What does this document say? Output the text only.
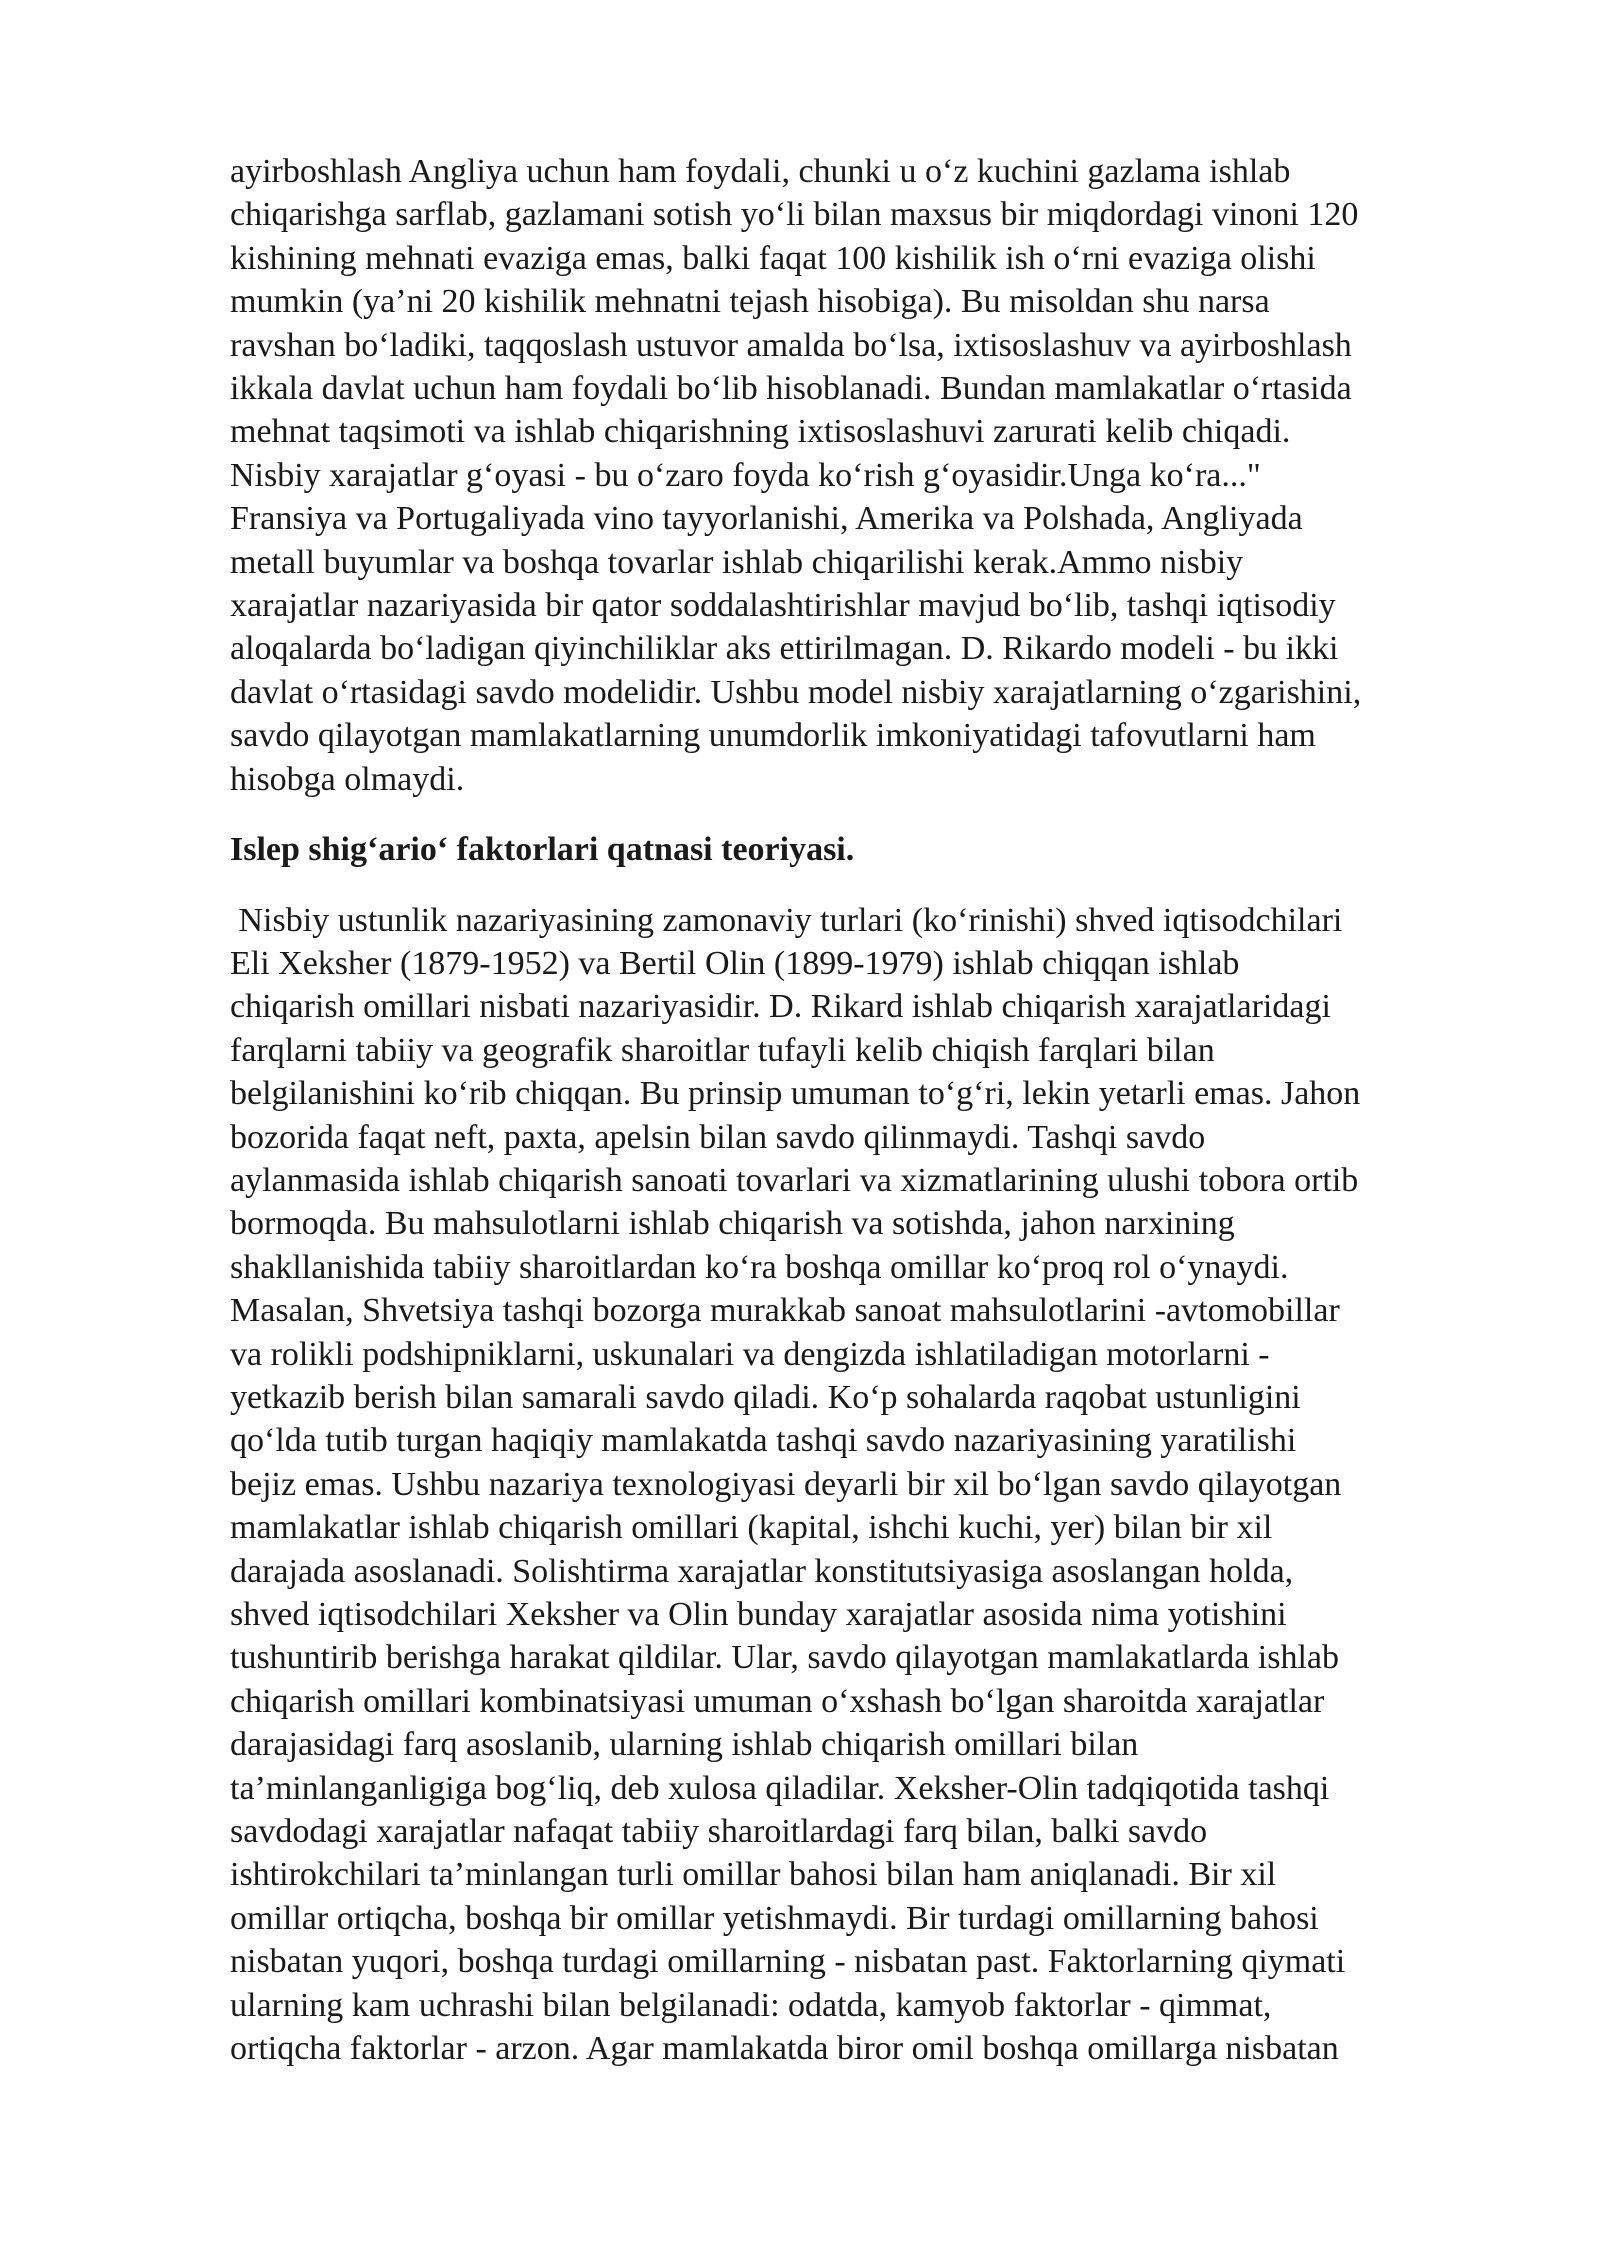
ayirboshlash Angliya uchun ham foydali, chunki u o‘z kuchini gazlama ishlab
chiqarishga sarflab, gazlamani sotish yo‘li bilan maxsus bir miqdordagi vinoni 120
kishining mehnati evaziga emas, balki faqat 100 kishilik ish o‘rni evaziga olishi
mumkin (ya’ni 20 kishilik mehnatni tejash hisobiga). Bu misoldan shu narsa
ravshan bo‘ladiki, taqqoslash ustuvor amalda bo‘lsa, ixtisoslashuv va ayirboshlash
ikkala davlat uchun ham foydali bo‘lib hisoblanadi. Bundan mamlakatlar o‘rtasida
mehnat taqsimoti va ishlab chiqarishning ixtisoslashuvi zarurati kelib chiqadi.
Nisbiy xarajatlar g‘oyasi - bu o‘zaro foyda ko‘rish g‘oyasidir.Unga ko‘ra..."
Fransiya va Portugaliyada vino tayyorlanishi, Amerika va Polshada, Angliyada
metall buyumlar va boshqa tovarlar ishlab chiqarilishi kerak.Ammo nisbiy
xarajatlar nazariyasida bir qator soddalashtirishlar mavjud bo‘lib, tashqi iqtisodiy
aloqalarda bo‘ladigan qiyinchiliklar aks ettirilmagan. D. Rikardo modeli - bu ikki
davlat o‘rtasidagi savdo modelidir. Ushbu model nisbiy xarajatlarning o‘zgarishini,
savdo qilayotgan mamlakatlarning unumdorlik imkoniyatidagi tafovutlarni ham
hisobga olmaydi.

Islep shig‘ario‘ faktorlari qatnasi teoriyasi.

Nisbiy ustunlik nazariyasining zamonaviy turlari (ko‘rinishi) shved iqtisodchilari
Eli Xeksher (1879-1952) va Bertil Olin (1899-1979) ishlab chiqqan ishlab
chiqarish omillari nisbati nazariyasidir. D. Rikard ishlab chiqarish xarajatlaridagi
farqlarni tabiiy va geografik sharoitlar tufayli kelib chiqish farqlari bilan
belgilanishini ko‘rib chiqqan. Bu prinsip umuman to‘g‘ri, lekin yetarli emas. Jahon
bozorida faqat neft, paxta, apelsin bilan savdo qilinmaydi. Tashqi savdo
aylanmasida ishlab chiqarish sanoati tovarlari va xizmatlarining ulushi tobora ortib
bormoqda. Bu mahsulotlarni ishlab chiqarish va sotishda, jahon narxining
shakllanishida tabiiy sharoitlardan ko‘ra boshqa omillar ko‘proq rol o‘ynaydi.
Masalan, Shvetsiya tashqi bozorga murakkab sanoat mahsulotlarini -avtomobillar
va rolikli podshipniklarni, uskunalari va dengizda ishlatiladigan motorlarni -
yetkazib berish bilan samarali savdo qiladi. Ko‘p sohalarda raqobat ustunligini
qo‘lda tutib turgan haqiqiy mamlakatda tashqi savdo nazariyasining yaratilishi
bejiz emas. Ushbu nazariya texnologiyasi deyarli bir xil bo‘lgan savdo qilayotgan
mamlakatlar ishlab chiqarish omillari (kapital, ishchi kuchi, yer) bilan bir xil
darajada asoslanadi. Solishtirma xarajatlar konstitutsiyasiga asoslangan holda,
shved iqtisodchilari Xeksher va Olin bunday xarajatlar asosida nima yotishini
tushuntirib berishga harakat qildilar. Ular, savdo qilayotgan mamlakatlarda ishlab
chiqarish omillari kombinatsiyasi umuman o‘xshash bo‘lgan sharoitda xarajatlar
darajasidagi farq asoslanib, ularning ishlab chiqarish omillari bilan
ta’minlanganligiga bog‘liq, deb xulosa qiladilar. Xeksher-Olin tadqiqotida tashqi
savdodagi xarajatlar nafaqat tabiiy sharoitlardagi farq bilan, balki savdo
ishtirokchilari ta’minlangan turli omillar bahosi bilan ham aniqlanadi. Bir xil
omillar ortiqcha, boshqa bir omillar yetishmaydi. Bir turdagi omillarning bahosi
nisbatan yuqori, boshqa turdagi omillarning - nisbatan past. Faktorlarning qiymati
ularning kam uchrashi bilan belgilanadi: odatda, kamyob faktorlar - qimmat,
ortiqcha faktorlar - arzon. Agar mamlakatda biror omil boshqa omillarga nisbatan
